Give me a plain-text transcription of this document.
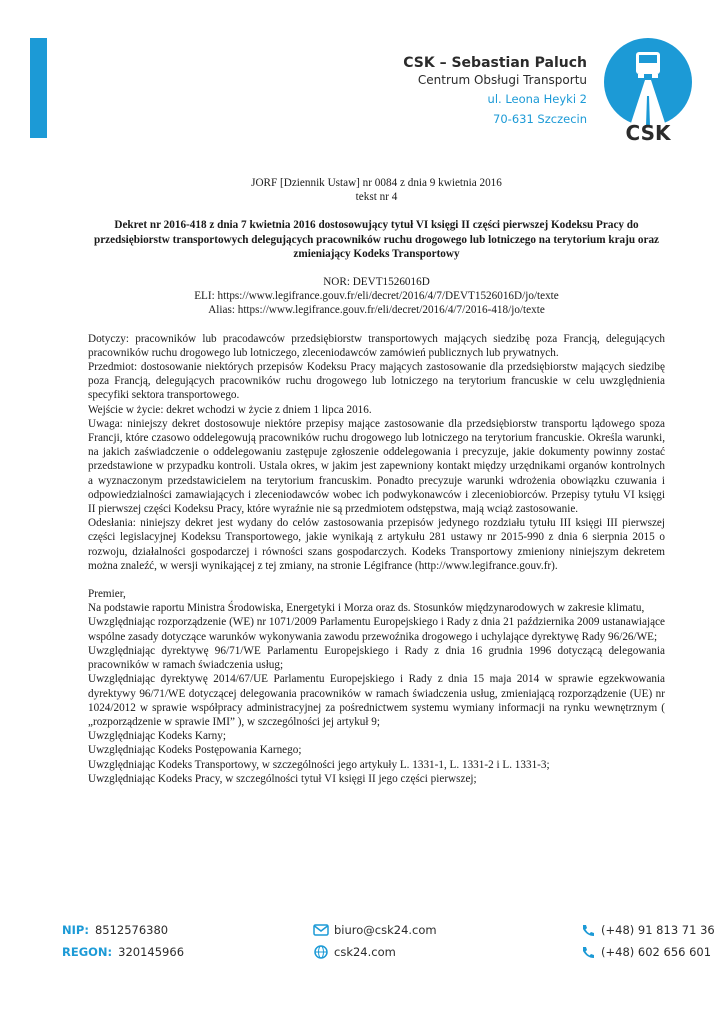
CSK – Sebastian Paluch
Centrum Obsługi Transportu
ul. Leona Heyki 2
70-631 Szczecin
CSK
JORF [Dziennik Ustaw] nr 0084 z dnia 9 kwietnia 2016
tekst nr 4
Dekret nr 2016-418 z dnia 7 kwietnia 2016 dostosowujący tytuł VI księgi II części pierwszej Kodeksu Pracy do przedsiębiorstw transportowych delegujących pracowników ruchu drogowego lub lotniczego na terytorium kraju oraz zmieniający Kodeks Transportowy
NOR: DEVT1526016D
ELI: https://www.legifrance.gouv.fr/eli/decret/2016/4/7/DEVT1526016D/jo/texte
Alias: https://www.legifrance.gouv.fr/eli/decret/2016/4/7/2016-418/jo/texte

Dotyczy: pracowników lub pracodawców przedsiębiorstw transportowych mających siedzibę poza Francją, delegujących pracowników ruchu drogowego lub lotniczego, zleceniodawców zamówień publicznych lub prywatnych.

Przedmiot: dostosowanie niektórych przepisów Kodeksu Pracy mających zastosowanie dla przedsiębiorstw mających siedzibę poza Francją, delegujących pracowników ruchu drogowego lub lotniczego na terytorium francuskie w celu uwzględnienia specyfiki sektora transportowego.

Wejście w życie: dekret wchodzi w życie z dniem 1 lipca 2016.

Uwaga: niniejszy dekret dostosowuje niektóre przepisy mające zastosowanie dla przedsiębiorstw transportu lądowego spoza Francji, które czasowo oddelegowują pracowników ruchu drogowego lub lotniczego na terytorium francuskie. Określa warunki, na jakich zaświadczenie o oddelegowaniu zastępuje zgłoszenie oddelegowania i precyzuje, jakie dokumenty powinny zostać przedstawione w przypadku kontroli. Ustala okres, w jakim jest zapewniony kontakt między urzędnikami organów kontrolnych a wyznaczonym przedstawicielem na terytorium francuskim. Ponadto precyzuje warunki wdrożenia obowiązku czuwania i odpowiedzialności zamawiających i zleceniodawców wobec ich podwykonawców i zleceniobiorców. Przepisy tytułu VI księgi II pierwszej części Kodeksu Pracy, które wyraźnie nie są przedmiotem odstępstwa, mają wciąż zastosowanie.

Odesłania: niniejszy dekret jest wydany do celów zastosowania przepisów jedynego rozdziału tytułu III księgi III pierwszej części legislacyjnej Kodeksu Transportowego, jakie wynikają z artykułu 281 ustawy nr 2015-990 z dnia 6 sierpnia 2015 o rozwoju, działalności gospodarczej i równości szans gospodarczych. Kodeks Transportowy zmieniony niniejszym dekretem można znaleźć, w wersji wynikającej z tej zmiany, na stronie Légifrance (http://www.legifrance.gouv.fr).

Premier,

Na podstawie raportu Ministra Środowiska, Energetyki i Morza oraz ds. Stosunków międzynarodowych w zakresie klimatu,

Uwzględniając rozporządzenie (WE) nr 1071/2009 Parlamentu Europejskiego i Rady z dnia 21 października 2009 ustanawiające wspólne zasady dotyczące warunków wykonywania zawodu przewoźnika drogowego i uchylające dyrektywę Rady 96/26/WE;

Uwzględniając dyrektywę 96/71/WE Parlamentu Europejskiego i Rady z dnia 16 grudnia 1996 dotyczącą delegowania pracowników w ramach świadczenia usług;

Uwzględniając dyrektywę 2014/67/UE Parlamentu Europejskiego i Rady z dnia 15 maja 2014 w sprawie egzekwowania dyrektywy 96/71/WE dotyczącej delegowania pracowników w ramach świadczenia usług, zmieniającą rozporządzenie (UE) nr 1024/2012 w sprawie współpracy administracyjnej za pośrednictwem systemu wymiany informacji na rynku wewnętrznym ( „rozporządzenie w sprawie IMI” ), w szczególności jej artykuł 9;

Uwzględniając Kodeks Karny;

Uwzględniając Kodeks Postępowania Karnego;

Uwzględniając Kodeks Transportowy, w szczególności jego artykuły L. 1331-1, L. 1331-2 i L. 1331-3;

Uwzględniając Kodeks Pracy, w szczególności tytuł VI księgi II jego części pierwszej;

NIP: 8512576380
REGON: 320145966
biuro@csk24.com
csk24.com
(+48) 91 813 71 36
(+48) 602 656 601
